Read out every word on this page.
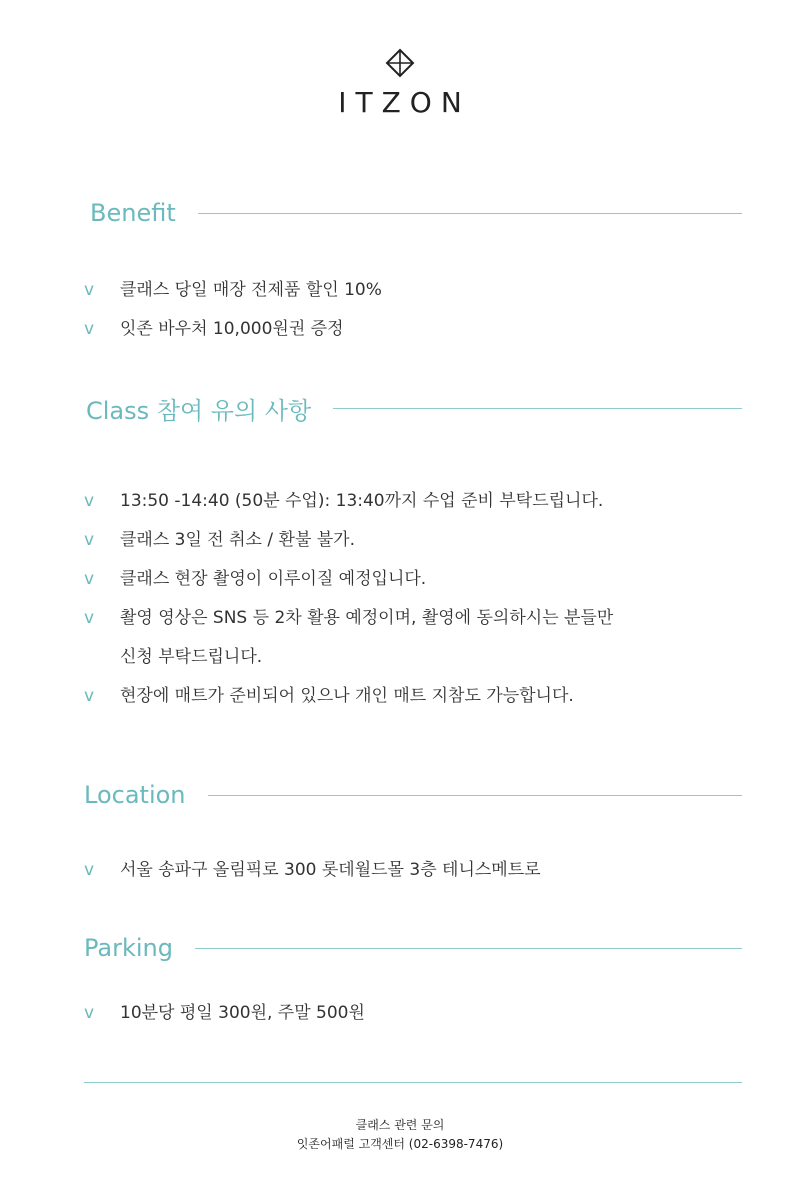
ITZON
Benefit
v 클래스 당일 매장 전제품 할인 10%
v 잇존 바우처 10,000원권 증정
Class 참여 유의 사항
v 13:50 -14:40 (50분 수업): 13:40까지 수업 준비 부탁드립니다.
v 클래스 3일 전 취소 / 환불 불가.
v 클래스 현장 촬영이 이루이질 예정입니다.
v 촬영 영상은 SNS 등 2차 활용 예정이며, 촬영에 동의하시는 분들만
신청 부탁드립니다.
v 현장에 매트가 준비되어 있으나 개인 매트 지참도 가능합니다.
Location
v 서울 송파구 올림픽로 300 롯데월드몰 3층 테니스메트로
Parking
v 10분당 평일 300원, 주말 500원
클래스 관련 문의
잇존어패럴 고객센터 (02-6398-7476)
